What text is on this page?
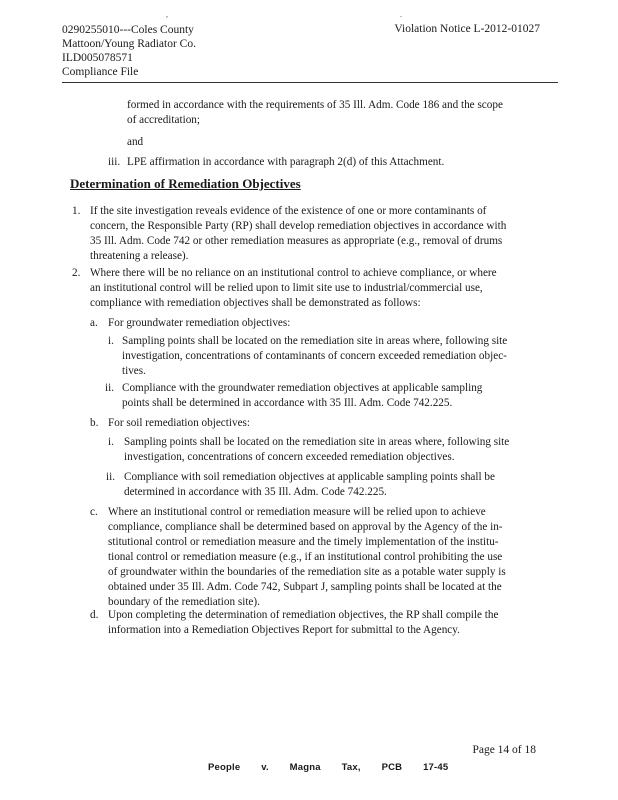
,	.
0290255010---Coles County
Mattoon/Young Radiator Co.
ILD005078571
Compliance File
Violation Notice L-2012-01027
formed in accordance with the requirements of 35 Ill. Adm. Code 186 and the scope
of accreditation;
and
iii. LPE affirmation in accordance with paragraph 2(d) of this Attachment.
Determination of Remediation Objectives
1. If the site investigation reveals evidence of the existence of one or more contaminants of
concern, the Responsible Party (RP) shall develop remediation objectives in accordance with
35 Ill. Adm. Code 742 or other remediation measures as appropriate (e.g., removal of drums
threatening a release).
2. Where there will be no reliance on an institutional control to achieve compliance, or where
an institutional control will be relied upon to limit site use to industrial/commercial use,
compliance with remediation objectives shall be demonstrated as follows:
a. For groundwater remediation objectives:
i. Sampling points shall be located on the remediation site in areas where, following site
investigation, concentrations of contaminants of concern exceeded remediation objec-
tives.
ii. Compliance with the groundwater remediation objectives at applicable sampling
points shall be determined in accordance with 35 Ill. Adm. Code 742.225.
b. For soil remediation objectives:
i. Sampling points shall be located on the remediation site in areas where, following site
investigation, concentrations of concern exceeded remediation objectives.
ii. Compliance with soil remediation objectives at applicable sampling points shall be
determined in accordance with 35 Ill. Adm. Code 742.225.
c. Where an institutional control or remediation measure will be relied upon to achieve
compliance, compliance shall be determined based on approval by the Agency of the in-
stitutional control or remediation measure and the timely implementation of the institu-
tional control or remediation measure (e.g., if an institutional control prohibiting the use
of groundwater within the boundaries of the remediation site as a potable water supply is
obtained under 35 Ill. Adm. Code 742, Subpart J, sampling points shall be located at the
boundary of the remediation site).
d. Upon completing the determination of remediation objectives, the RP shall compile the
information into a Remediation Objectives Report for submittal to the Agency.
Page 14 of 18
People v. Magna Tax, PCB 17-45
